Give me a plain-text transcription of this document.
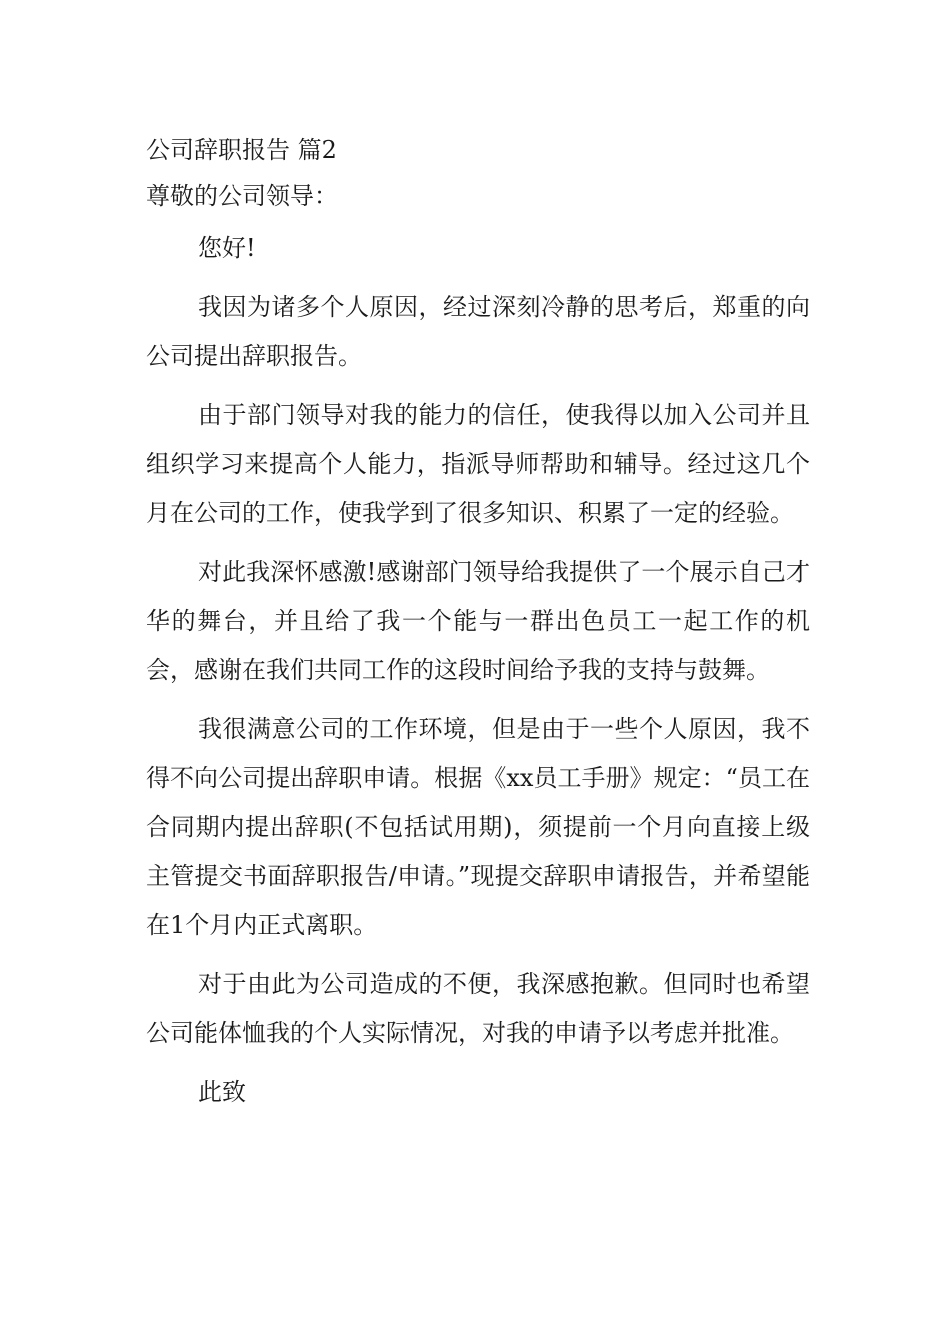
公司辞职报告 篇2
尊敬的公司领导：

您好!

我因为诸多个人原因，经过深刻冷静的思考后，郑重的向公司提出辞职报告。

由于部门领导对我的能力的信任，使我得以加入公司并且组织学习来提高个人能力，指派导师帮助和辅导。经过这几个月在公司的工作，使我学到了很多知识、积累了一定的经验。

对此我深怀感激!感谢部门领导给我提供了一个展示自己才华的舞台，并且给了我一个能与一群出色员工一起工作的机会，感谢在我们共同工作的这段时间给予我的支持与鼓舞。

我很满意公司的工作环境，但是由于一些个人原因，我不得不向公司提出辞职申请。根据《xx员工手册》规定：“员工在合同期内提出辞职(不包括试用期)，须提前一个月向直接上级主管提交书面辞职报告/申请。”现提交辞职申请报告，并希望能在1个月内正式离职。

对于由此为公司造成的不便，我深感抱歉。但同时也希望公司能体恤我的个人实际情况，对我的申请予以考虑并批准。

此致
